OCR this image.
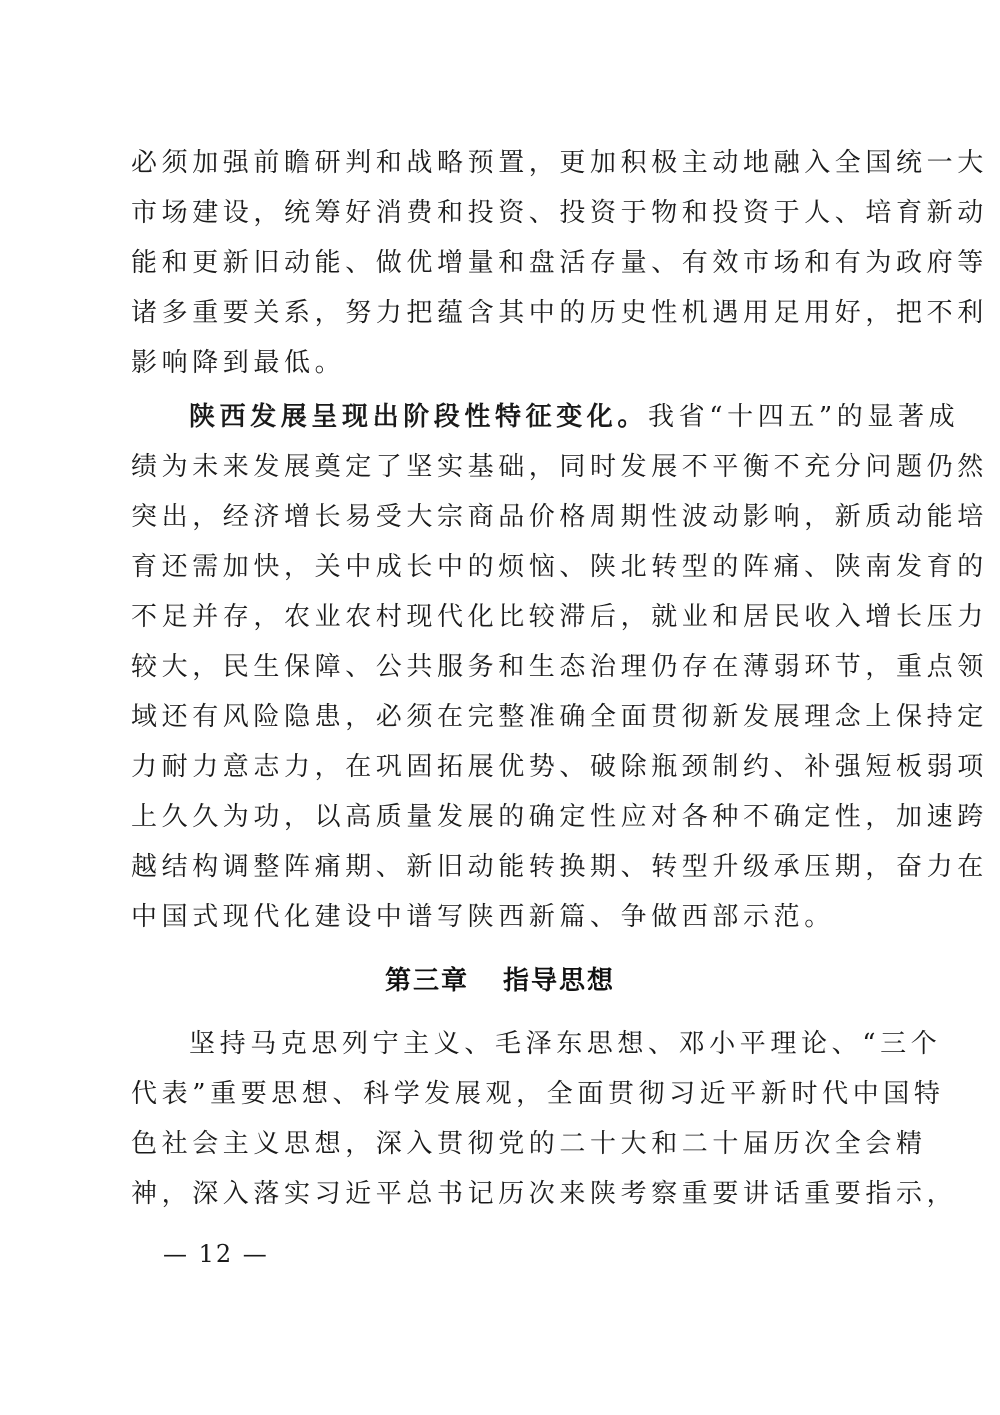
必须加强前瞻研判和战略预置，更加积极主动地融入全国统一大
市场建设，统筹好消费和投资、投资于物和投资于人、培育新动
能和更新旧动能、做优增量和盘活存量、有效市场和有为政府等
诸多重要关系，努力把蕴含其中的历史性机遇用足用好，把不利
影响降到最低。
陕西发展呈现出阶段性特征变化。我省“十四五”的显著成
绩为未来发展奠定了坚实基础，同时发展不平衡不充分问题仍然
突出，经济增长易受大宗商品价格周期性波动影响，新质动能培
育还需加快，关中成长中的烦恼、陕北转型的阵痛、陕南发育的
不足并存，农业农村现代化比较滞后，就业和居民收入增长压力
较大，民生保障、公共服务和生态治理仍存在薄弱环节，重点领
域还有风险隐患，必须在完整准确全面贯彻新发展理念上保持定
力耐力意志力，在巩固拓展优势、破除瓶颈制约、补强短板弱项
上久久为功，以高质量发展的确定性应对各种不确定性，加速跨
越结构调整阵痛期、新旧动能转换期、转型升级承压期，奋力在
中国式现代化建设中谱写陕西新篇、争做西部示范。
第三章 指导思想
坚持马克思列宁主义、毛泽东思想、邓小平理论、“三个
代表”重要思想、科学发展观，全面贯彻习近平新时代中国特
色社会主义思想，深入贯彻党的二十大和二十届历次全会精
神，深入落实习近平总书记历次来陕考察重要讲话重要指示，
— 12 —
